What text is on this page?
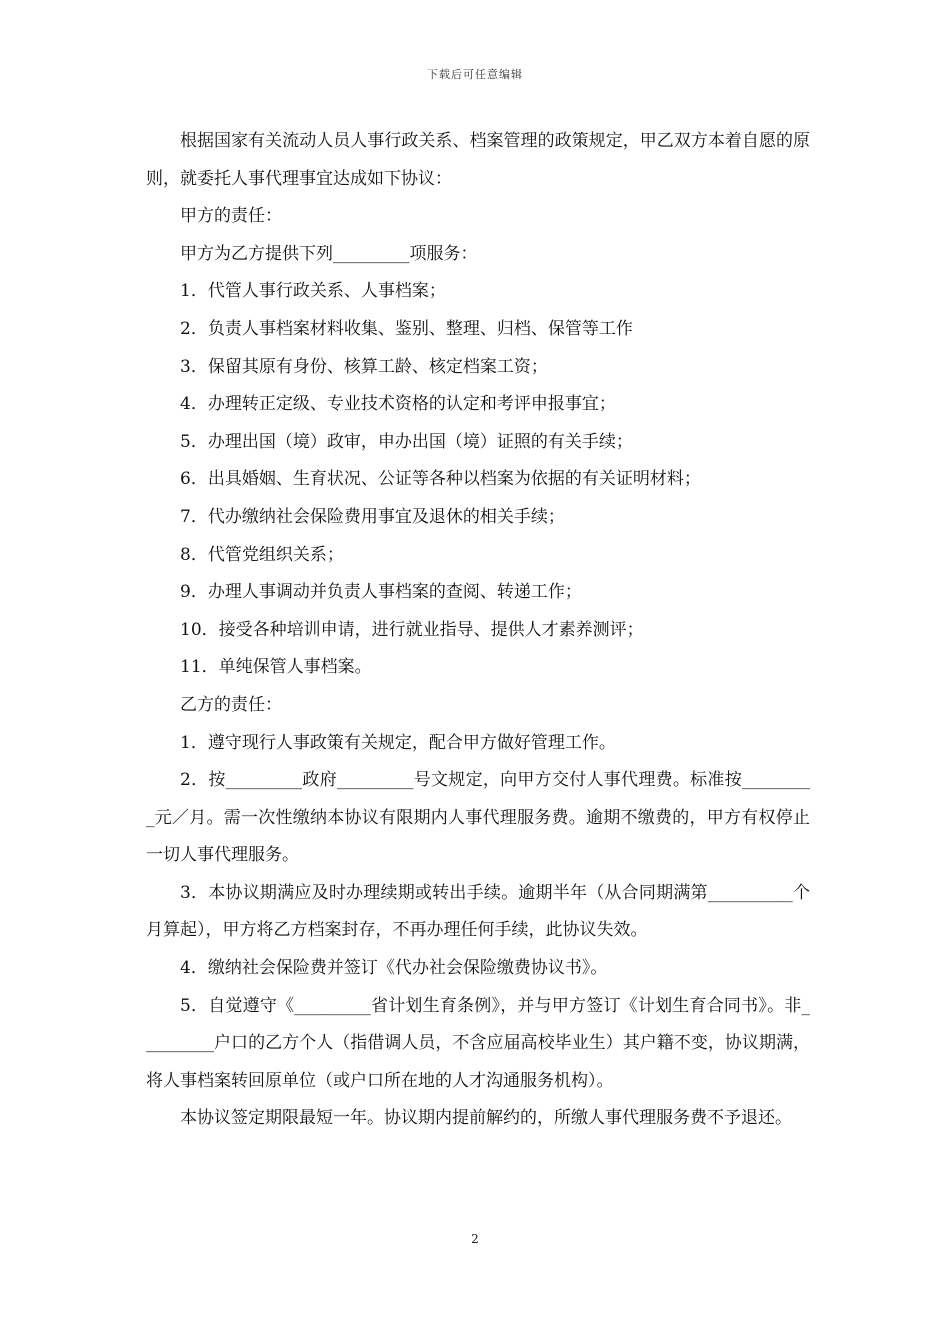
下载后可任意编辑

根据国家有关流动人员人事行政关系、档案管理的政策规定，甲乙双方本着自愿的原则，就委托人事代理事宜达成如下协议：

甲方的责任：

甲方为乙方提供下列_________项服务：

1．代管人事行政关系、人事档案；

2．负责人事档案材料收集、鉴别、整理、归档、保管等工作

3．保留其原有身份、核算工龄、核定档案工资；

4．办理转正定级、专业技术资格的认定和考评申报事宜；

5．办理出国（境）政审，申办出国（境）证照的有关手续；

6．出具婚姻、生育状况、公证等各种以档案为依据的有关证明材料；

7．代办缴纳社会保险费用事宜及退休的相关手续；

8．代管党组织关系；

9．办理人事调动并负责人事档案的查阅、转递工作；

10．接受各种培训申请，进行就业指导、提供人才素养测评；

11．单纯保管人事档案。

乙方的责任：

1．遵守现行人事政策有关规定，配合甲方做好管理工作。

2．按_________政府_________号文规定，向甲方交付人事代理费。标准按_________元／月。需一次性缴纳本协议有限期内人事代理服务费。逾期不缴费的，甲方有权停止一切人事代理服务。

3．本协议期满应及时办理续期或转出手续。逾期半年（从合同期满第__________个月算起），甲方将乙方档案封存，不再办理任何手续，此协议失效。

4．缴纳社会保险费并签订《代办社会保险缴费协议书》。

5．自觉遵守《_________省计划生育条例》，并与甲方签订《计划生育合同书》。非_________户口的乙方个人（指借调人员，不含应届高校毕业生）其户籍不变，协议期满，将人事档案转回原单位（或户口所在地的人才沟通服务机构）。

本协议签定期限最短一年。协议期内提前解约的，所缴人事代理服务费不予退还。

2
